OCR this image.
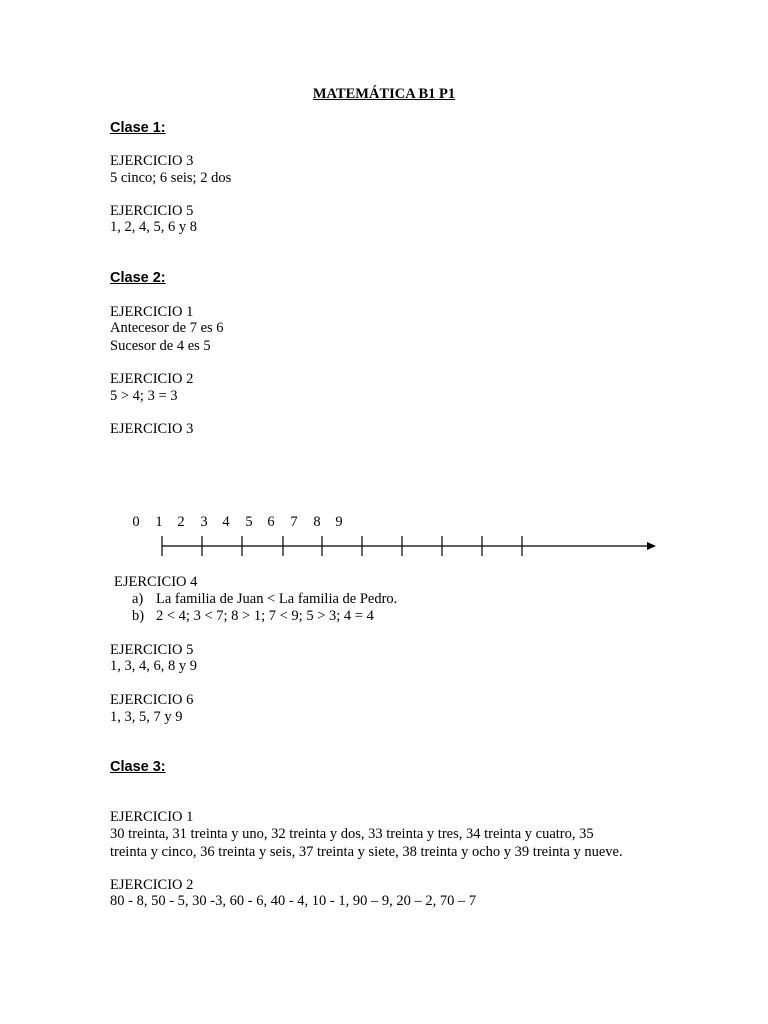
MATEMÁTICA B1 P1
Clase 1:
EJERCICIO 3
5 cinco; 6 seis; 2 dos
EJERCICIO 5
1, 2, 4, 5, 6 y 8
Clase 2:
EJERCICIO 1
Antecesor de 7 es 6
Sucesor de 4 es 5
EJERCICIO 2
5 > 4; 3 = 3
EJERCICIO 3
0 1 2 3 4 5 6 7 8 9
EJERCICIO 4
a) La familia de Juan < La familia de Pedro.
b) 2 < 4; 3 < 7; 8 > 1; 7 < 9; 5 > 3; 4 = 4
EJERCICIO 5
1, 3, 4, 6, 8 y 9
EJERCICIO 6
1, 3, 5, 7 y 9
Clase 3:
EJERCICIO 1
30 treinta, 31 treinta y uno, 32 treinta y dos, 33 treinta y tres, 34 treinta y cuatro, 35
treinta y cinco, 36 treinta y seis, 37 treinta y siete, 38 treinta y ocho y 39 treinta y nueve.
EJERCICIO 2
80 - 8, 50 - 5, 30 -3, 60 - 6, 40 - 4, 10 - 1, 90 – 9, 20 – 2, 70 – 7
